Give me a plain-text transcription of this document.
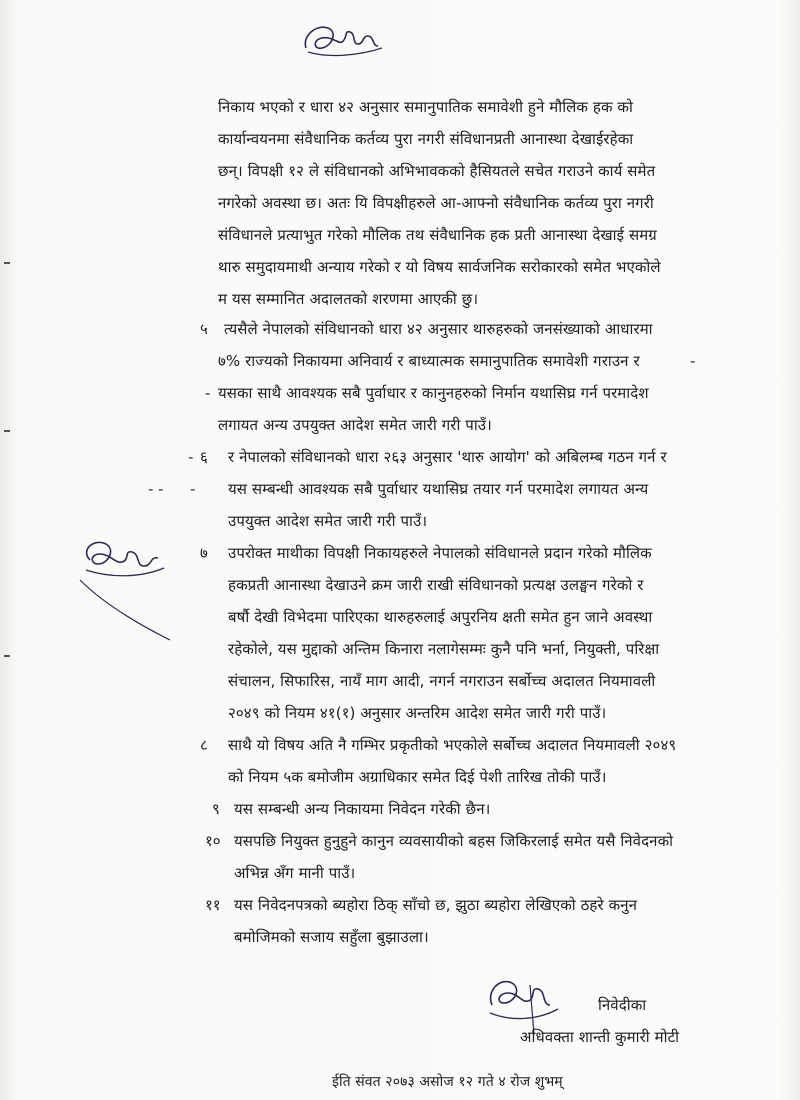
निकाय भएको र धारा ४२ अनुसार समानुपातिक समावेशी हुने मौलिक हक को
कार्यान्वयनमा संवैधानिक कर्तव्य पुरा नगरी संविधानप्रती आनास्था देखाईरहेका
छन्। विपक्षी १२ ले संविधानको अभिभावकको हैसियतले सचेत गराउने कार्य समेत
नगरेको अवस्था छ। अतः यि विपक्षीहरुले आ-आफ्नो संवैधानिक कर्तव्य पुरा नगरी
संविधानले प्रत्याभुत गरेको मौलिक तथ संवैधानिक हक प्रती आनास्था देखाई समग्र
थारु समुदायमाथी अन्याय गरेको र यो विषय सार्वजनिक सरोकारको समेत भएकोले
म यस सम्मानित अदालतको शरणमा आएकी छु।
५ त्यसैले नेपालको संविधानको धारा ४२ अनुसार थारुहरुको जनसंख्याको आधारमा
७% राज्यको निकायमा अनिवार्य र बाध्यात्मक समानुपातिक समावेशी गराउन र
यसका साथै आवश्यक सबै पुर्वाधार र कानुनहरुको निर्मान यथासिघ्र गर्न परमादेश
लगायत अन्य उपयुक्त आदेश समेत जारी गरी पाउँ।
-
-
६ र नेपालको संविधानको धारा २६३ अनुसार 'थारु आयोग' को अबिलम्ब गठन गर्न र
यस सम्बन्धी आवश्यक सबै पुर्वाधार यथासिघ्र तयार गर्न परमादेश लगायत अन्य
उपयुक्त आदेश समेत जारी गरी पाउँ।
- - -
-
७ उपरोक्त माथीका विपक्षी निकायहरुले नेपालको संविधानले प्रदान गरेको मौलिक
हकप्रती आनास्था देखाउने क्रम जारी राखी संविधानको प्रत्यक्ष उलङ्घन गरेको र
बर्षौ देखी विभेदमा पारिएका थारुहरुलाई अपुरनिय क्षती समेत हुन जाने अवस्था
रहेकोले, यस मुद्दाको अन्तिम किनारा नलागेसम्मः कुनै पनि भर्ना, नियुक्ती, परिक्षा
संचालन, सिफारिस, नायँ माग आदी, नगर्न नगराउन सर्बोच्च अदालत नियमावली
२०४९ को नियम ४१(१) अनुसार अन्तरिम आदेश समेत जारी गरी पाउँ।
८ साथै यो विषय अति नै गम्भिर प्रकृतीको भएकोले सर्बोच्च अदालत नियमावली २०४९
को नियम ५क बमोजीम अग्राधिकार समेत दिई पेशी तारिख तोकी पाउँ।
९ यस सम्बन्धी अन्य निकायमा निवेदन गरेकी छैन।
१० यसपछि नियुक्त हुनुहुने कानुन व्यवसायीको बहस जिकिरलाई समेत यसै निवेदनको
अभिन्न अँग मानी पाउँ।
११ यस निवेदनपत्रको ब्यहोरा ठिक् साँचो छ, झुठा ब्यहोरा लेखिएको ठहरे कनुन
बमोजिमको सजाय सहुँला बुझाउला।
निवेदीका
अधिवक्ता शान्ती कुमारी मोटी
ईति संवत २०७३ असोज १२ गते ४ रोज शुभम्
